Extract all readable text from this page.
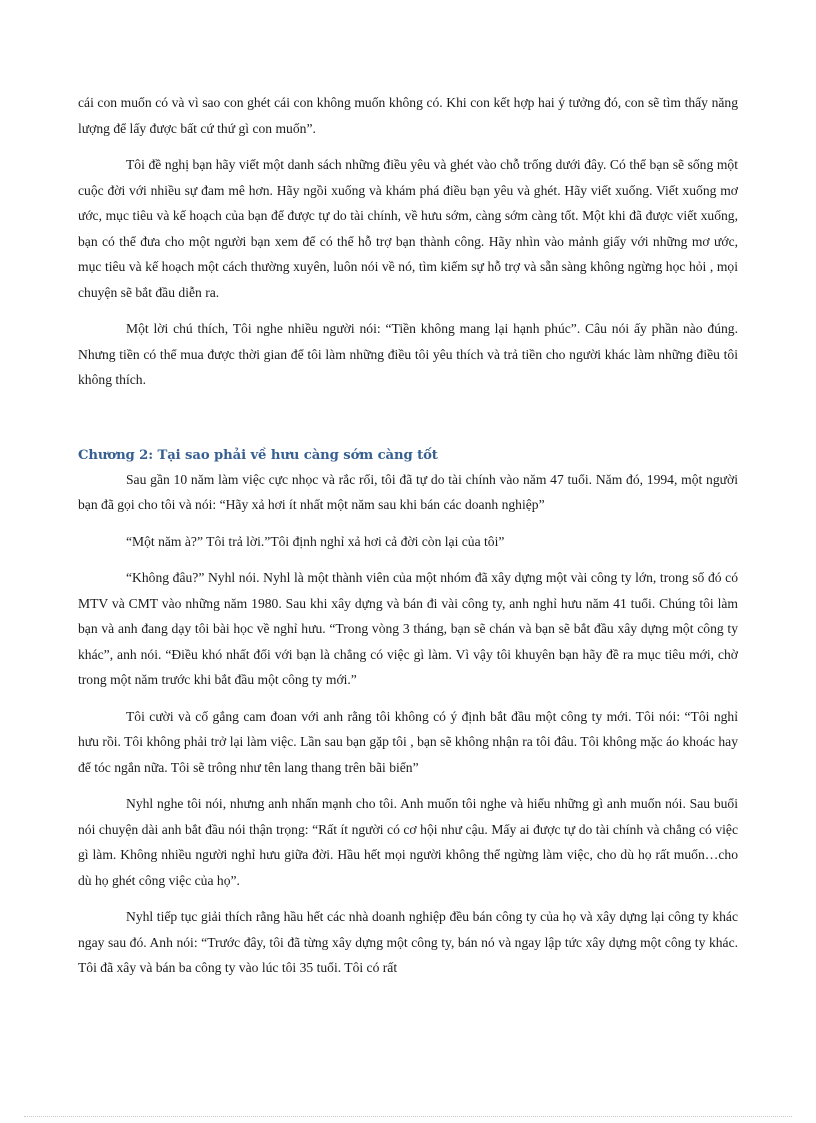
cái con muốn có và vì sao con ghét cái con không muốn không có. Khi con kết hợp hai ý tưởng đó, con sẽ tìm thấy năng lượng để lấy được bất cứ thứ gì con muốn”.

Tôi đề nghị bạn hãy viết một danh sách những điều yêu và ghét vào chỗ trống dưới đây. Có thể bạn sẽ sống một cuộc đời với nhiều sự đam mê hơn. Hãy ngồi xuống và khám phá điều bạn yêu và ghét. Hãy viết xuống. Viết xuống mơ ước, mục tiêu và kế hoạch của bạn để được tự do tài chính, về hưu sớm, càng sớm càng tốt. Một khi đã được viết xuống, bạn có thể đưa cho một người bạn xem để có thể hỗ trợ bạn thành công. Hãy nhìn vào mảnh giấy với những mơ ước, mục tiêu và kế hoạch một cách thường xuyên, luôn nói về nó, tìm kiếm sự hỗ trợ và sẵn sàng không ngừng học hỏi , mọi chuyện sẽ bắt đầu diễn ra.

Một lời chú thích, Tôi nghe nhiều người nói: “Tiền không mang lại hạnh phúc”. Câu nói ấy phần nào đúng. Nhưng tiền có thể mua được thời gian để tôi làm những điều tôi yêu thích và trả tiền cho người khác làm những điều tôi không thích.

Chương 2: Tại sao phải về hưu càng sớm càng tốt

Sau gần 10 năm làm việc cực nhọc và rắc rối, tôi đã tự do tài chính vào năm 47 tuổi. Năm đó, 1994, một người bạn đã gọi cho tôi và nói: “Hãy xả hơi ít nhất một năm sau khi bán các doanh nghiệp”

“Một năm à?” Tôi trả lời.”Tôi định nghỉ xả hơi cả đời còn lại của tôi”

“Không đâu?” Nyhl nói. Nyhl là một thành viên của một nhóm đã xây dựng một vài công ty lớn, trong số đó có MTV và CMT vào những năm 1980. Sau khi xây dựng và bán đi vài công ty, anh nghỉ hưu năm 41 tuổi. Chúng tôi làm bạn và anh đang dạy tôi bài học về nghỉ hưu. “Trong vòng 3 tháng, bạn sẽ chán và bạn sẽ bắt đầu xây dựng một công ty khác”, anh nói. “Điều khó nhất đối với bạn là chẳng có việc gì làm. Vì vậy tôi khuyên bạn hãy đề ra mục tiêu mới, chờ trong một năm trước khi bắt đầu một công ty mới.”

Tôi cười và cố gắng cam đoan với anh rằng tôi không có ý định bắt đầu một công ty mới. Tôi nói: “Tôi nghỉ hưu rồi. Tôi không phải trở lại làm việc. Lần sau bạn gặp tôi , bạn sẽ không nhận ra tôi đâu. Tôi không mặc áo khoác hay để tóc ngắn nữa. Tôi sẽ trông như tên lang thang trên bãi biển”

Nyhl nghe tôi nói, nhưng anh nhấn mạnh cho tôi. Anh muốn tôi nghe và hiểu những gì anh muốn nói. Sau buổi nói chuyện dài anh bắt đầu nói thận trọng: “Rất ít người có cơ hội như cậu. Mấy ai được tự do tài chính và chẳng có việc gì làm. Không nhiều người nghỉ hưu giữa đời. Hầu hết mọi người không thể ngừng làm việc, cho dù họ rất muốn…cho dù họ ghét công việc của họ”.

Nyhl tiếp tục giải thích rằng hầu hết các nhà doanh nghiệp đều bán công ty của họ và xây dựng lại công ty khác ngay sau đó. Anh nói: “Trước đây, tôi đã từng xây dựng một công ty, bán nó và ngay lập tức xây dựng một công ty khác. Tôi đã xây và bán ba công ty vào lúc tôi 35 tuổi. Tôi có rất
